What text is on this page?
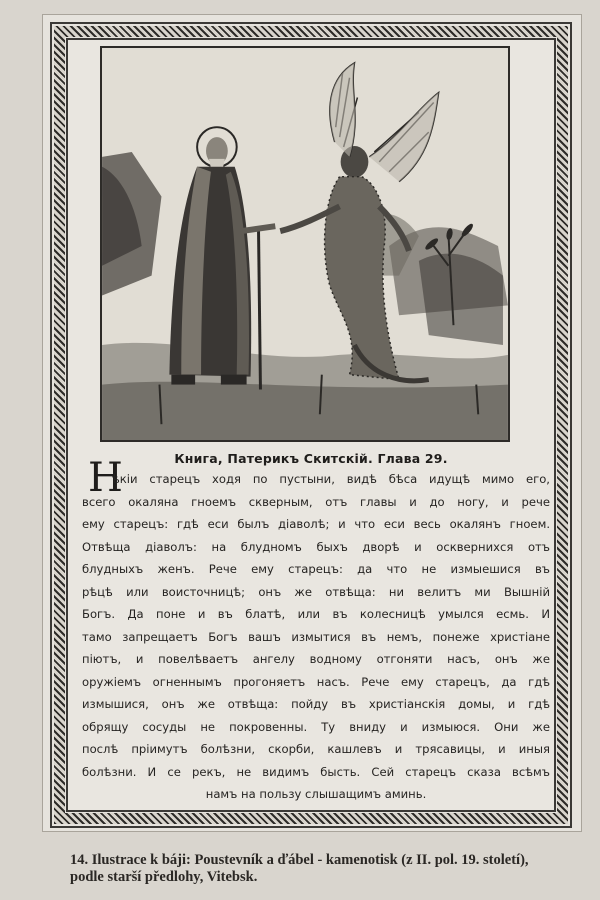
Книга, Патерикъ Скитскій. Глава 29.
Н
ѣкіи старецъ ходя по пустыни, видѣ бѣса идущѣ мимо его,
всего окаляна гноемъ скверным, отъ главы и до ногу, и рече
ему старецъ: гдѣ еси былъ діаволѣ; и что еси весь окалянъ гноем.
Отвѣща діаволъ: на блудномъ быхъ дворѣ и осквернихся отъ
блудныхъ женъ. Рече ему старецъ: да что не измыешися въ
рѣцѣ или воисточницѣ; онъ же отвѣща: ни велитъ ми Вышній
Богъ. Да поне и въ блатѣ, или въ колесницѣ умылся есмь. И
тамо запрещаетъ Богъ вашъ измытися въ немъ, понеже христіане
піютъ, и повелѣваетъ ангелу водному отгоняти насъ, онъ же
оружіемъ огненнымъ прогоняетъ насъ. Рече ему старецъ, да гдѣ
измышися, онъ же отвѣща: пойду въ христіанскія домы, и гдѣ
обрящу сосуды не покровенны. Ту вниду и измыюся. Они же
послѣ пріимутъ болѣзни, скорби, кашлевъ и трясавицы, и иныя
болѣзни. И се рекъ, не видимъ бысть. Сей старецъ сказа всѣмъ
намъ на пользу слышащимъ аминь.
14. Ilustrace k báji: Poustevník a ďábel - kamenotisk (z II. pol. 19. století),
podle starší předlohy, Vitebsk.
